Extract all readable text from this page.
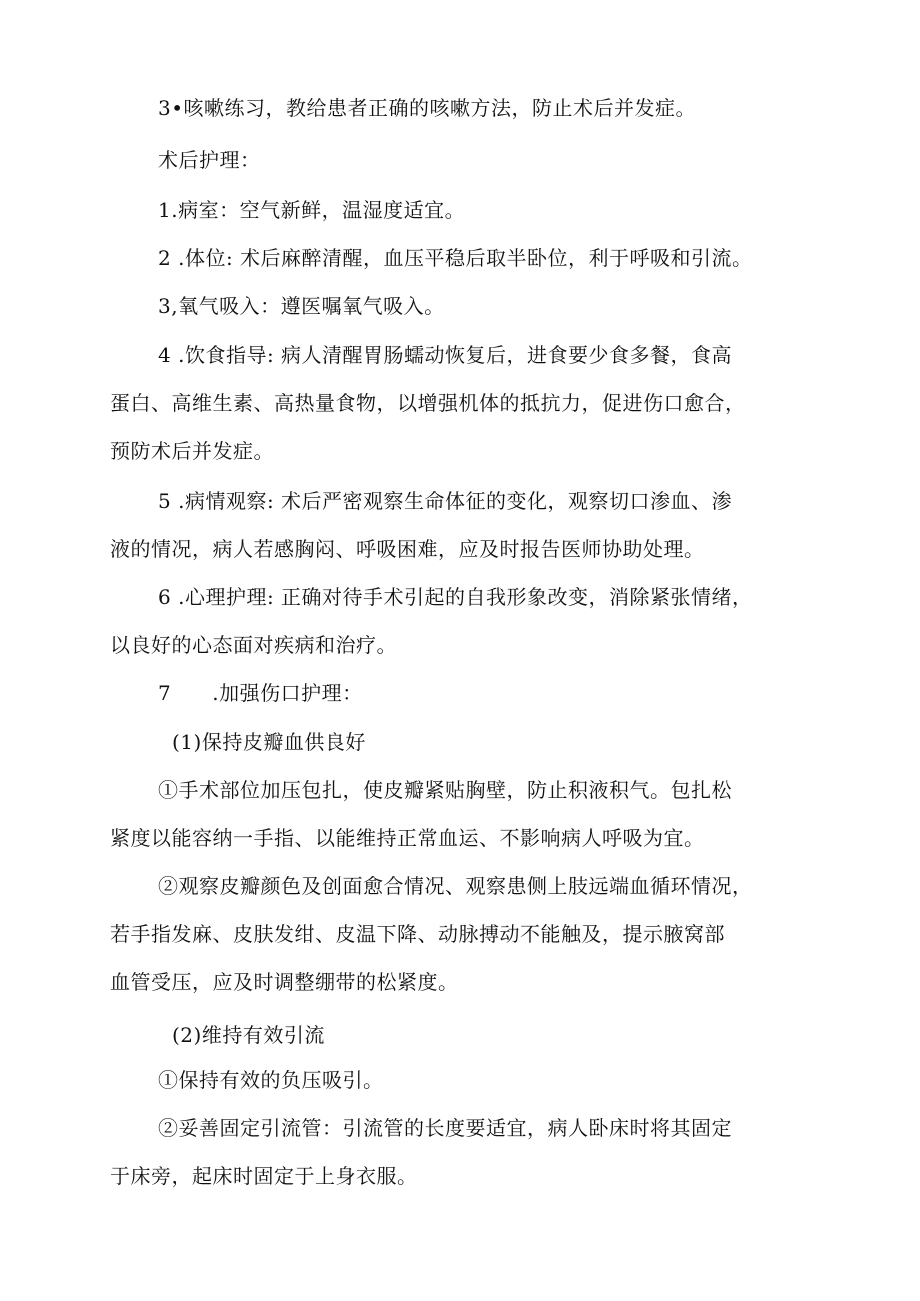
3•咳嗽练习，教给患者正确的咳嗽方法，防止术后并发症。
术后护理：
1.病室：空气新鲜，温湿度适宜。
2 .体位: 术后麻醉清醒，血压平稳后取半卧位，利于呼吸和引流。
3,氧气吸入：遵医嘱氧气吸入。
4 .饮食指导: 病人清醒胃肠蠕动恢复后，进食要少食多餐，食高
蛋白、高维生素、高热量食物，以增强机体的抵抗力，促进伤口愈合，
预防术后并发症。
5 .病情观察: 术后严密观察生命体征的变化，观察切口渗血、渗
液的情况，病人若感胸闷、呼吸困难，应及时报告医师协助处理。
6 .心理护理: 正确对待手术引起的自我形象改变，消除紧张情绪，
以良好的心态面对疾病和治疗。
7　　.加强伤口护理：
(1)保持皮瓣血供良好
①手术部位加压包扎，使皮瓣紧贴胸壁，防止积液积气。包扎松
紧度以能容纳一手指、以能维持正常血运、不影响病人呼吸为宜。
②观察皮瓣颜色及创面愈合情况、观察患侧上肢远端血循环情况，
若手指发麻、皮肤发绀、皮温下降、动脉搏动不能触及，提示腋窝部
血管受压，应及时调整绷带的松紧度。
(2)维持有效引流
①保持有效的负压吸引。
②妥善固定引流管：引流管的长度要适宜，病人卧床时将其固定
于床旁，起床时固定于上身衣服。
